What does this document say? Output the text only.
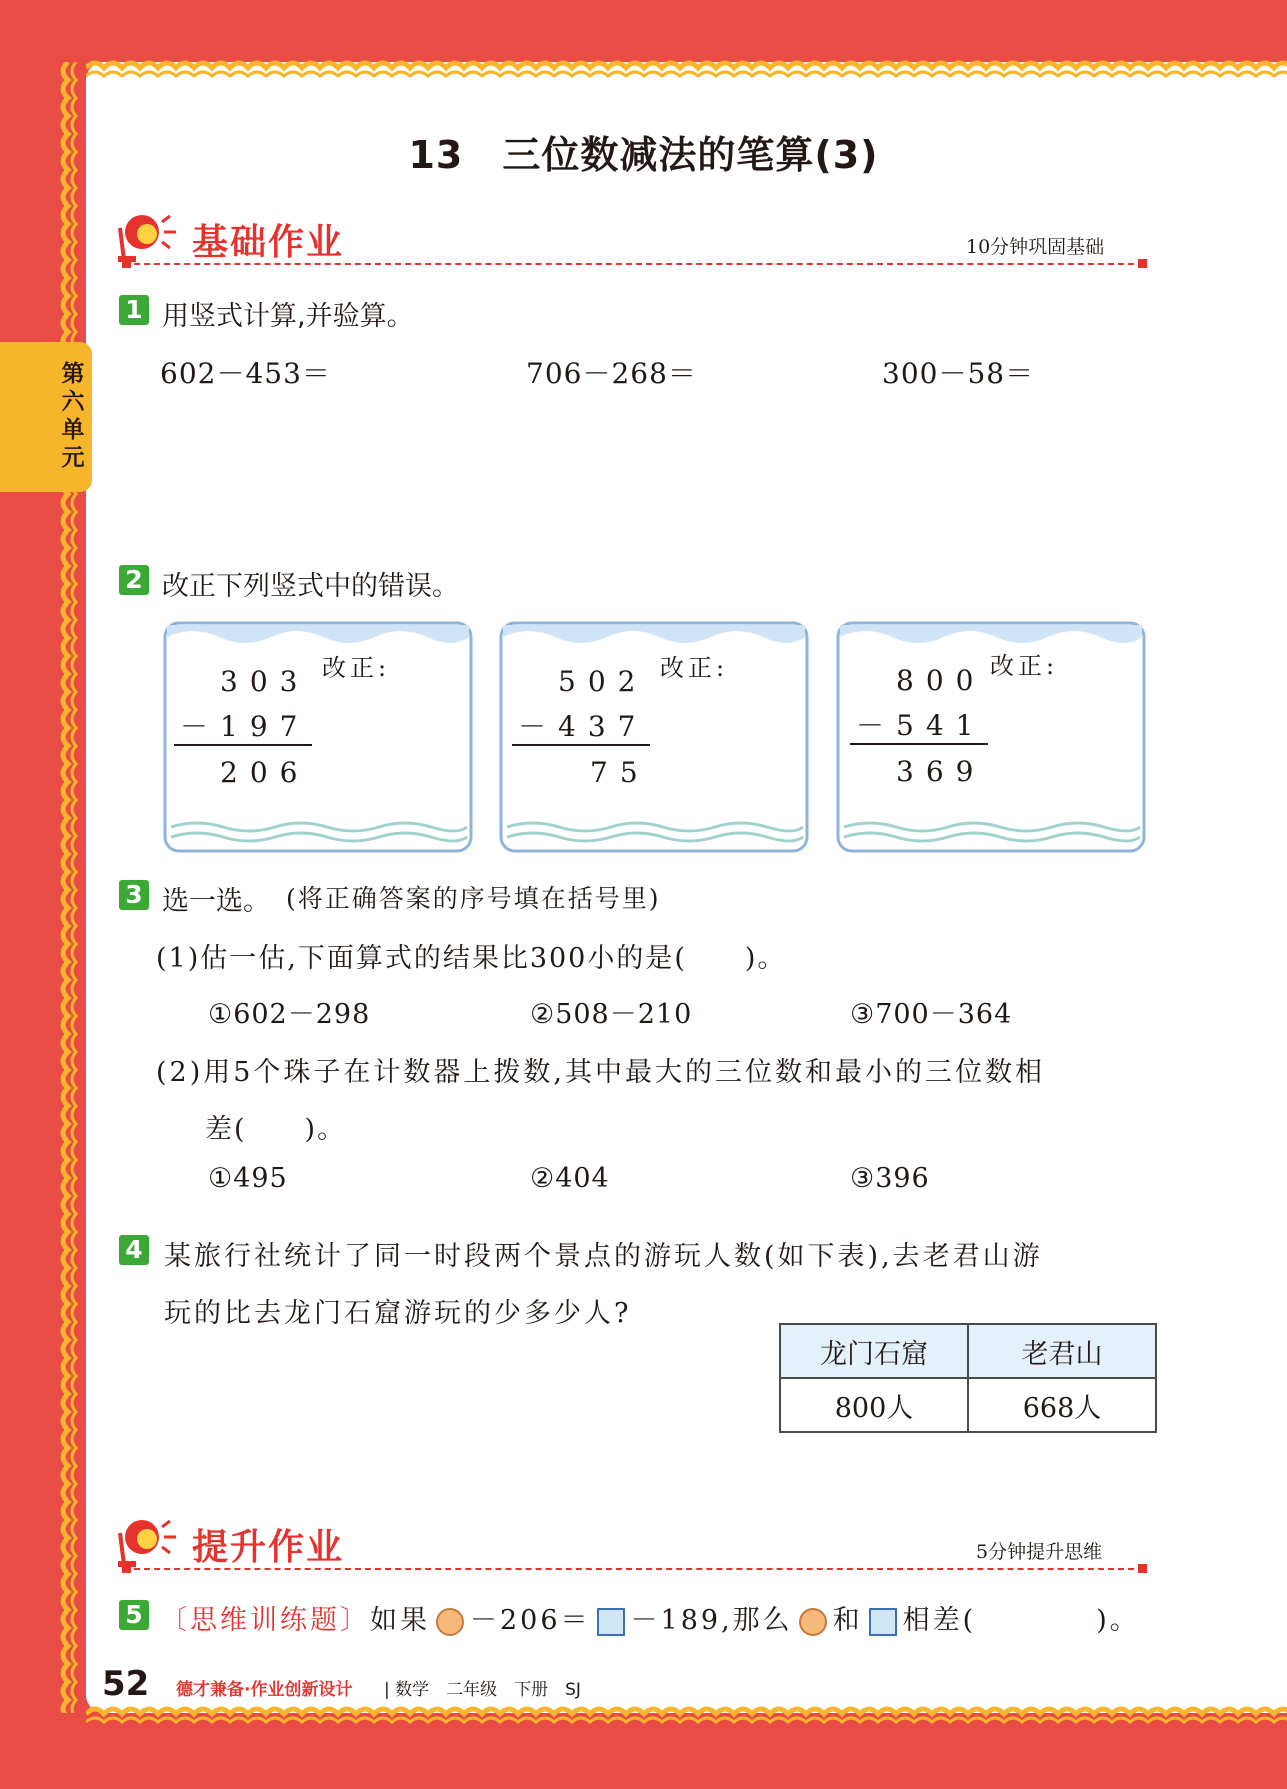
第六单元
13　三位数减法的笔算(3)
基础作业	10分钟巩固基础
1 用竖式计算,并验算。
602－453＝	706－268＝	300－58＝
2 改正下列竖式中的错误。
303
－197
206
改正:	502
－437
75
改正:	800
－541
369
改正:
3 选一选。 (将正确答案的序号填在括号里)
(1)估一估,下面算式的结果比300小的是(　　)。
①602－298	②508－210	③700－364
(2)用5个珠子在计数器上拨数,其中最大的三位数和最小的三位数相
差(　　)。
①495	②404	③396
4 某旅行社统计了同一时段两个景点的游玩人数(如下表),去老君山游
玩的比去龙门石窟游玩的少多少人?
龙门石窟	老君山
800人	668人
提升作业	5分钟提升思维
5 〔思维训练题〕如果 －206＝ －189,那么 和 相差(　　　　)。
52 德才兼备·作业创新设计 | 数学　二年级　下册　SJ
